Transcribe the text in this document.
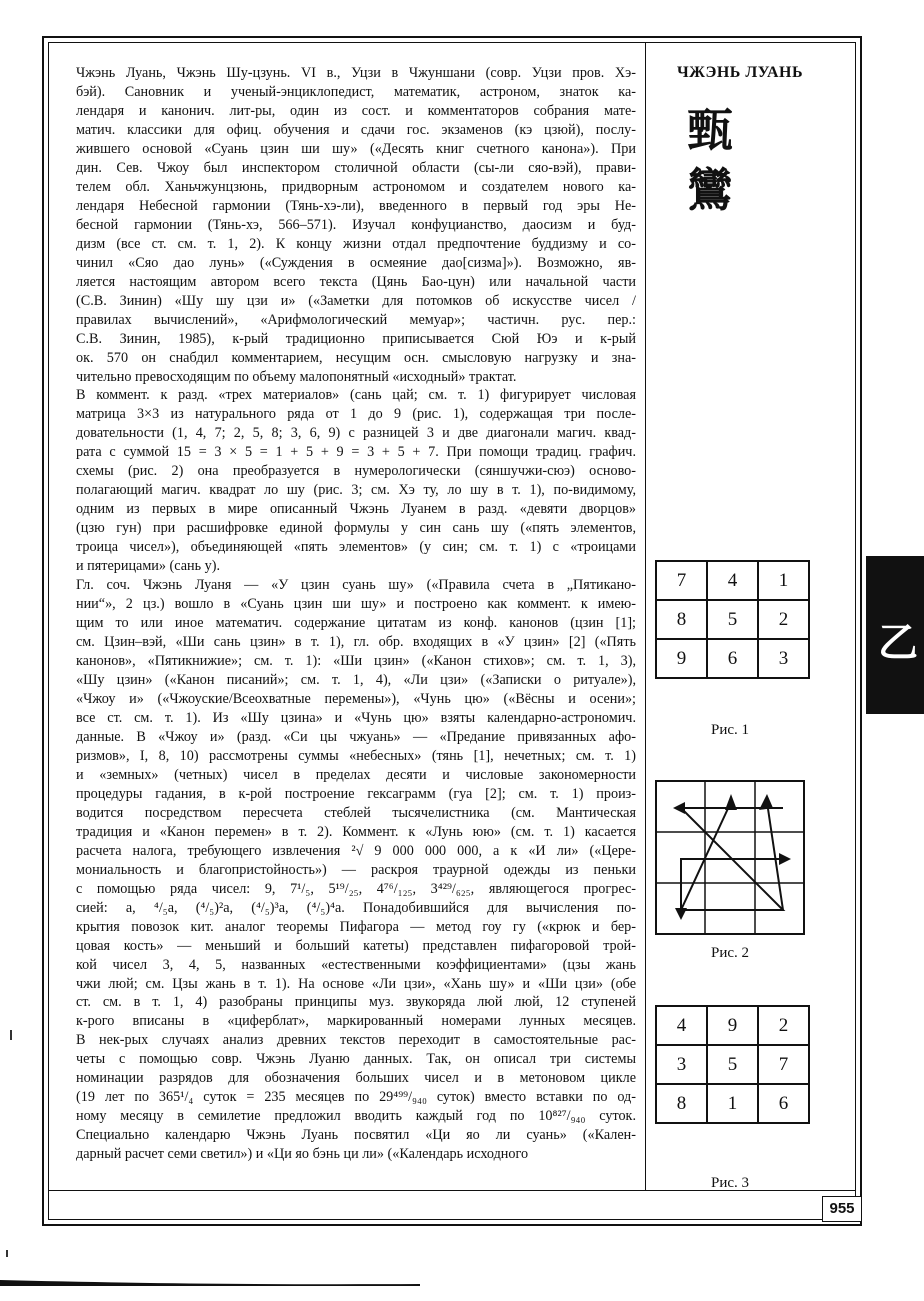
Чжэнь Луань, Чжэнь Шу-цзунь. VI в., Уцзи в Чжуншани (совр. Уцзи пров. Хэ-
бэй). Сановник и ученый-энциклопедист, математик, астроном, знаток ка-
лендаря и канонич. лит-ры, один из сост. и комментаторов собрания мате-
матич. классики для офиц. обучения и сдачи гос. экзаменов (кэ цзюй), послу-
жившего основой «Суань цзин ши шу» («Десять книг счетного канона»). При
дин. Сев. Чжоу был инспектором столичной области (сы-ли сяо-вэй), прави-
телем обл. Ханьчжунцзюнь, придворным астрономом и создателем нового ка-
лендаря Небесной гармонии (Тянь-хэ-ли), введенного в первый год эры Не-
бесной гармонии (Тянь-хэ, 566–571). Изучал конфуцианство, даосизм и буд-
дизм (все ст. см. т. 1, 2). К концу жизни отдал предпочтение буддизму и со-
чинил «Сяо дао лунь» («Суждения в осмеяние дао[сизма]»). Возможно, яв-
ляется настоящим автором всего текста (Цянь Бао-цун) или начальной части
(С.В. Зинин) «Шу шу цзи и» («Заметки для потомков об искусстве чисел /
правилах вычислений», «Арифмологический мемуар»; частичн. рус. пер.:
С.В. Зинин, 1985), к-рый традиционно приписывается Сюй Юэ и к-рый
ок. 570 он снабдил комментарием, несущим осн. смысловую нагрузку и зна-
чительно превосходящим по объему малопонятный «исходный» трактат.
В коммент. к разд. «трех материалов» (сань цай; см. т. 1) фигурирует числовая
матрица 3×3 из натурального ряда от 1 до 9 (рис. 1), содержащая три после-
довательности (1, 4, 7; 2, 5, 8; 3, 6, 9) с разницей 3 и две диагонали магич. квад-
рата с суммой 15 = 3 × 5 = 1 + 5 + 9 = 3 + 5 + 7. При помощи традиц. графич.
схемы (рис. 2) она преобразуется в нумерологически (сяншучжи-сюэ) осново-
полагающий магич. квадрат ло шу (рис. 3; см. Хэ ту, ло шу в т. 1), по-видимому,
одним из первых в мире описанный Чжэнь Луанем в разд. «девяти дворцов»
(цзю гун) при расшифровке единой формулы у син сань шу («пять элементов,
троица чисел»), объединяющей «пять элементов» (у син; см. т. 1) с «троицами
и пятерицами» (сань у).
Гл. соч. Чжэнь Луаня — «У цзин суань шу» («Правила счета в „Пятикано-
нии“», 2 цз.) вошло в «Суань цзин ши шу» и построено как коммент. к имею-
щим то или иное математич. содержание цитатам из конф. канонов (цзин [1];
см. Цзин–вэй, «Ши сань цзин» в т. 1), гл. обр. входящих в «У цзин» [2] («Пять
канонов», «Пятикнижие»; см. т. 1): «Ши цзин» («Канон стихов»; см. т. 1, 3),
«Шу цзин» («Канон писаний»; см. т. 1, 4), «Ли цзи» («Записки о ритуале»),
«Чжоу и» («Чжоуские/Всеохватные перемены»), «Чунь цю» («Вёсны и осени»;
все ст. см. т. 1). Из «Шу цзина» и «Чунь цю» взяты календарно-астрономич.
данные. В «Чжоу и» (разд. «Си цы чжуань» — «Предание привязанных афо-
ризмов», I, 8, 10) рассмотрены суммы «небесных» (тянь [1], нечетных; см. т. 1)
и «земных» (четных) чисел в пределах десяти и числовые закономерности
процедуры гадания, в к-рой построение гексаграмм (гуа [2]; см. т. 1) произ-
водится посредством пересчета стеблей тысячелистника (см. Мантическая
традиция и «Канон перемен» в т. 2). Коммент. к «Лунь юю» (см. т. 1) касается
расчета налога, требующего извлечения ²√ 9 000 000 000, а к «И ли» («Цере-
мониальность и благопристойность») — раскроя траурной одежды из пеньки
с помощью ряда чисел: 9, 7¹/₅, 5¹⁹/₂₅, 4⁷⁶/₁₂₅, 3⁴²⁹/₆₂₅, являющегося прогрес-
сией: а, ⁴/₅а, (⁴/₅)²а, (⁴/₅)³а, (⁴/₅)⁴а. Понадобившийся для вычисления по-
крытия повозок кит. аналог теоремы Пифагора — метод гоу гу («крюк и бер-
цовая кость» — меньший и больший катеты) представлен пифагоровой трой-
кой чисел 3, 4, 5, названных «естественными коэффициентами» (цзы жань
чжи люй; см. Цзы жань в т. 1). На основе «Ли цзи», «Хань шу» и «Ши цзи» (обе
ст. см. в т. 1, 4) разобраны принципы муз. звукоряда люй люй, 12 ступеней
к-рого вписаны в «циферблат», маркированный номерами лунных месяцев.
В нек-рых случаях анализ древних текстов переходит в самостоятельные рас-
четы с помощью совр. Чжэнь Луаню данных. Так, он описал три системы
номинации разрядов для обозначения больших чисел и в метоновом цикле
(19 лет по 365¹/₄ суток = 235 месяцев по 29⁴⁹⁹/₉₄₀ суток) вместо вставки по од-
ному месяцу в семилетие предложил вводить каждый год по 10⁸²⁷/₉₄₀ суток.
Специально календарю Чжэнь Луань посвятил «Ци яо ли суань» («Кален-
дарный расчет семи светил») и «Ци яо бэнь ци ли» («Календарь исходного
ЧЖЭНЬ ЛУАНЬ
甄
鸞
7	4	1
8	5	2
9	6	3
Рис. 1
Рис. 2
4	9	2
3	5	7
8	1	6
Рис. 3
乙
955
